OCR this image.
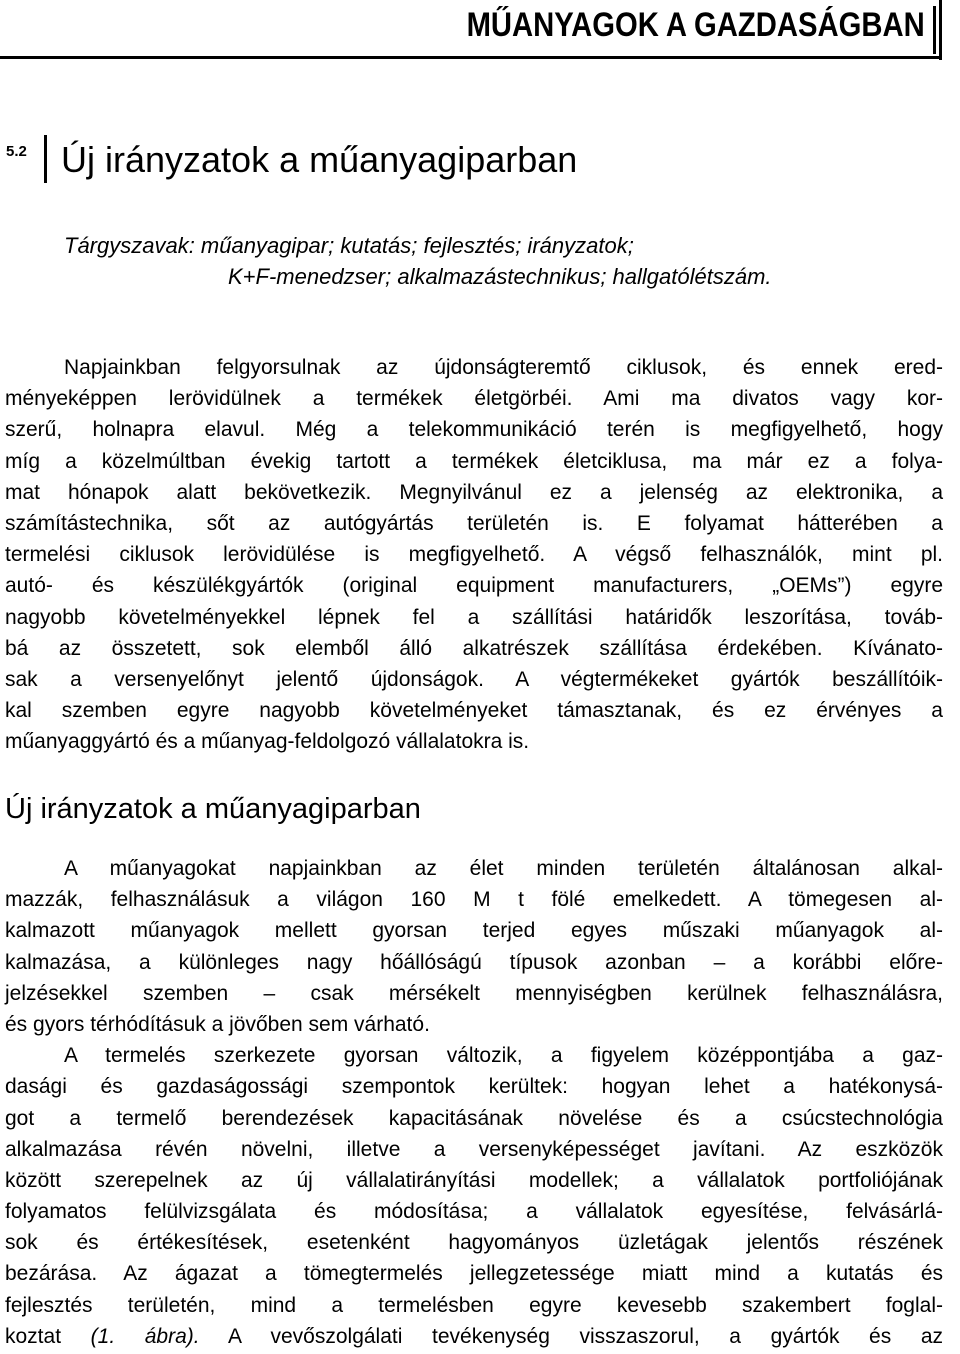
MŰANYAGOK A GAZDASÁGBAN
5.2 Új irányzatok a műanyagiparban
Tárgyszavak: műanyagipar; kutatás; fejlesztés; irányzatok;
K+F-menedzser; alkalmazástechnikus; hallgatólétszám.
Napjainkban felgyorsulnak az újdonságteremtő ciklusok, és ennek ered-
ményeképpen lerövidülnek a termékek életgörbéi. Ami ma divatos vagy kor-
szerű, holnapra elavul. Még a telekommunikáció terén is megfigyelhető, hogy
míg a közelmúltban évekig tartott a termékek életciklusa, ma már ez a folya-
mat hónapok alatt bekövetkezik. Megnyilvánul ez a jelenség az elektronika, a
számítástechnika, sőt az autógyártás területén is. E folyamat hátterében a
termelési ciklusok lerövidülése is megfigyelhető. A végső felhasználók, mint pl.
autó- és készülékgyártók (original equipment manufacturers, „OEMs”) egyre
nagyobb követelményekkel lépnek fel a szállítási határidők leszorítása, továb-
bá az összetett, sok elemből álló alkatrészek szállítása érdekében. Kívánato-
sak a versenyelőnyt jelentő újdonságok. A végtermékeket gyártók beszállítóik-
kal szemben egyre nagyobb követelményeket támasztanak, és ez érvényes a
műanyaggyártó és a műanyag-feldolgozó vállalatokra is.
Új irányzatok a műanyagiparban
A műanyagokat napjainkban az élet minden területén általánosan alkal-
mazzák, felhasználásuk a világon 160 M t fölé emelkedett. A tömegesen al-
kalmazott műanyagok mellett gyorsan terjed egyes műszaki műanyagok al-
kalmazása, a különleges nagy hőállóságú típusok azonban – a korábbi előre-
jelzésekkel szemben – csak mérsékelt mennyiségben kerülnek felhasználásra,
és gyors térhódításuk a jövőben sem várható.
A termelés szerkezete gyorsan változik, a figyelem középpontjába a gaz-
dasági és gazdaságossági szempontok kerültek: hogyan lehet a hatékonysá-
got a termelő berendezések kapacitásának növelése és a csúcstechnológia
alkalmazása révén növelni, illetve a versenyképességet javítani. Az eszközök
között szerepelnek az új vállalatirányítási modellek; a vállalatok portfoliójának
folyamatos felülvizsgálata és módosítása; a vállalatok egyesítése, felvásárlá-
sok és értékesítések, esetenként hagyományos üzletágak jelentős részének
bezárása. Az ágazat a tömegtermelés jellegzetessége miatt mind a kutatás és
fejlesztés területén, mind a termelésben egyre kevesebb szakembert foglal-
koztat (1. ábra). A vevőszolgálati tevékenység visszaszorul, a gyártók és az
